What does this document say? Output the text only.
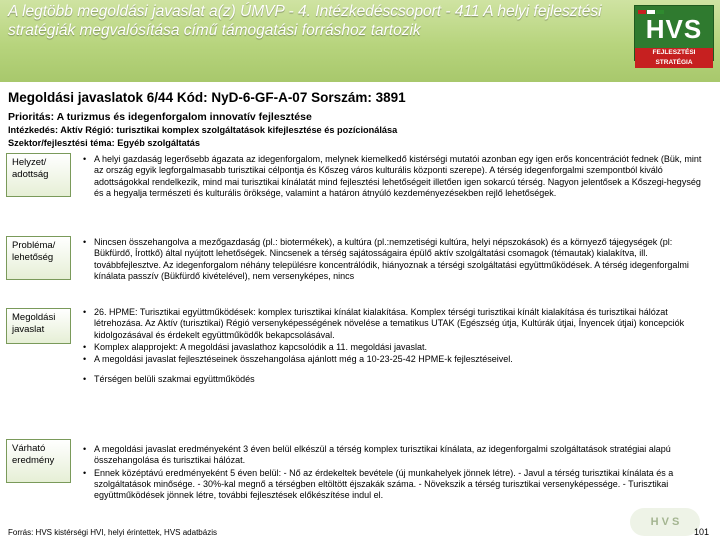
A legtöbb megoldási javaslat a(z) ÚMVP - 4. Intézkedéscsoport - 411 A helyi fejlesztési stratégiák megvalósítása című támogatási forráshoz tartozik	HVS
FEJLESZTÉSI STRATÉGIA
Megoldási javaslatok 6/44 Kód: NyD-6-GF-A-07 Sorszám: 3891
Prioritás: A turizmus és idegenforgalom innovatív fejlesztése
Intézkedés: Aktív Régió: turisztikai komplex szolgáltatások kifejlesztése és pozícionálása
Szektor/fejlesztési téma: Egyéb szolgáltatás
Helyzet/ adottság
• A helyi gazdaság legerősebb ágazata az idegenforgalom, melynek kiemelkedő kistérségi mutatói azonban egy igen erős koncentrációt fednek (Bük, mint az ország egyik legforgalmasabb turisztikai célpontja és Kőszeg város kulturális központi szerepe). A térség idegenforgalmi szempontból kiváló adottságokkal rendelkezik, mind mai turisztikai kínálatát mind fejlesztési lehetőségeit illetően igen sokarcú térség. Nagyon jelentősek a Kőszegi-hegység és a hegyalja természeti és kulturális öröksége, valamint a határon átnyúló kezdeményezésekben rejlő lehetőségek.
Probléma/ lehetőség
• Nincsen összehangolva a mezőgazdaság (pl.: biotermékek), a kultúra (pl.:nemzetiségi kultúra, helyi népszokások) és a környező tájegységek (pl: Bükfürdő, Írottkő) által nyújtott lehetőségek. Nincsenek a térség sajátosságaira épülő aktív szolgáltatási csomagok (témautak) kialakítva, ill. továbbfejlesztve. Az idegenforgalom néhány településre koncentrálódik, hiányoznak a térségi szolgáltatási együttműködések. A térség idegenforgalmi kínálata passzív (Bükfürdő kivételével), nem versenyképes, nincs
Megoldási javaslat
• 26. HPME: Turisztikai együttműködések: komplex turisztikai kínálat kialakítása. Komplex térségi turisztikai kínált kialakítása és turisztikai hálózat létrehozása. Az Aktív (turisztikai) Régió versenyképességének növelése a tematikus UTAK (Egészség útja, Kultúrák útjai, Ínyencek útjai) koncepciók kidolgozásával és érdekelt együttműködők bekapcsolásával.
• Komplex alapprojekt: A megoldási javaslathoz kapcsolódik a 11. megoldási javaslat.
• A megoldási javaslat fejlesztéseinek összehangolása ajánlott még a 10-23-25-42 HPME-k fejlesztéseivel.
• Térségen belüli szakmai együttműködés
Várható eredmény
• A megoldási javaslat eredményeként 3 éven belül elkészül a térség komplex turisztikai kínálata, az idegenforgalmi szolgáltatások stratégiai alapú összehangolása és turisztikai hálózat.
• Ennek középtávú eredményeként 5 éven belül: - Nő az érdekeltek bevétele (új munkahelyek jönnek létre). - Javul a térség turisztikai kínálata és a szolgáltatások minősége. - 30%-kal megnő a térségben eltöltött éjszakák száma. - Növekszik a térség turisztikai versenyképessége. - Turisztikai együttműködések jönnek létre, további fejlesztések előkészítése indul el.
H V S
Forrás: HVS kistérségi HVI, helyi érintettek, HVS adatbázis	101
